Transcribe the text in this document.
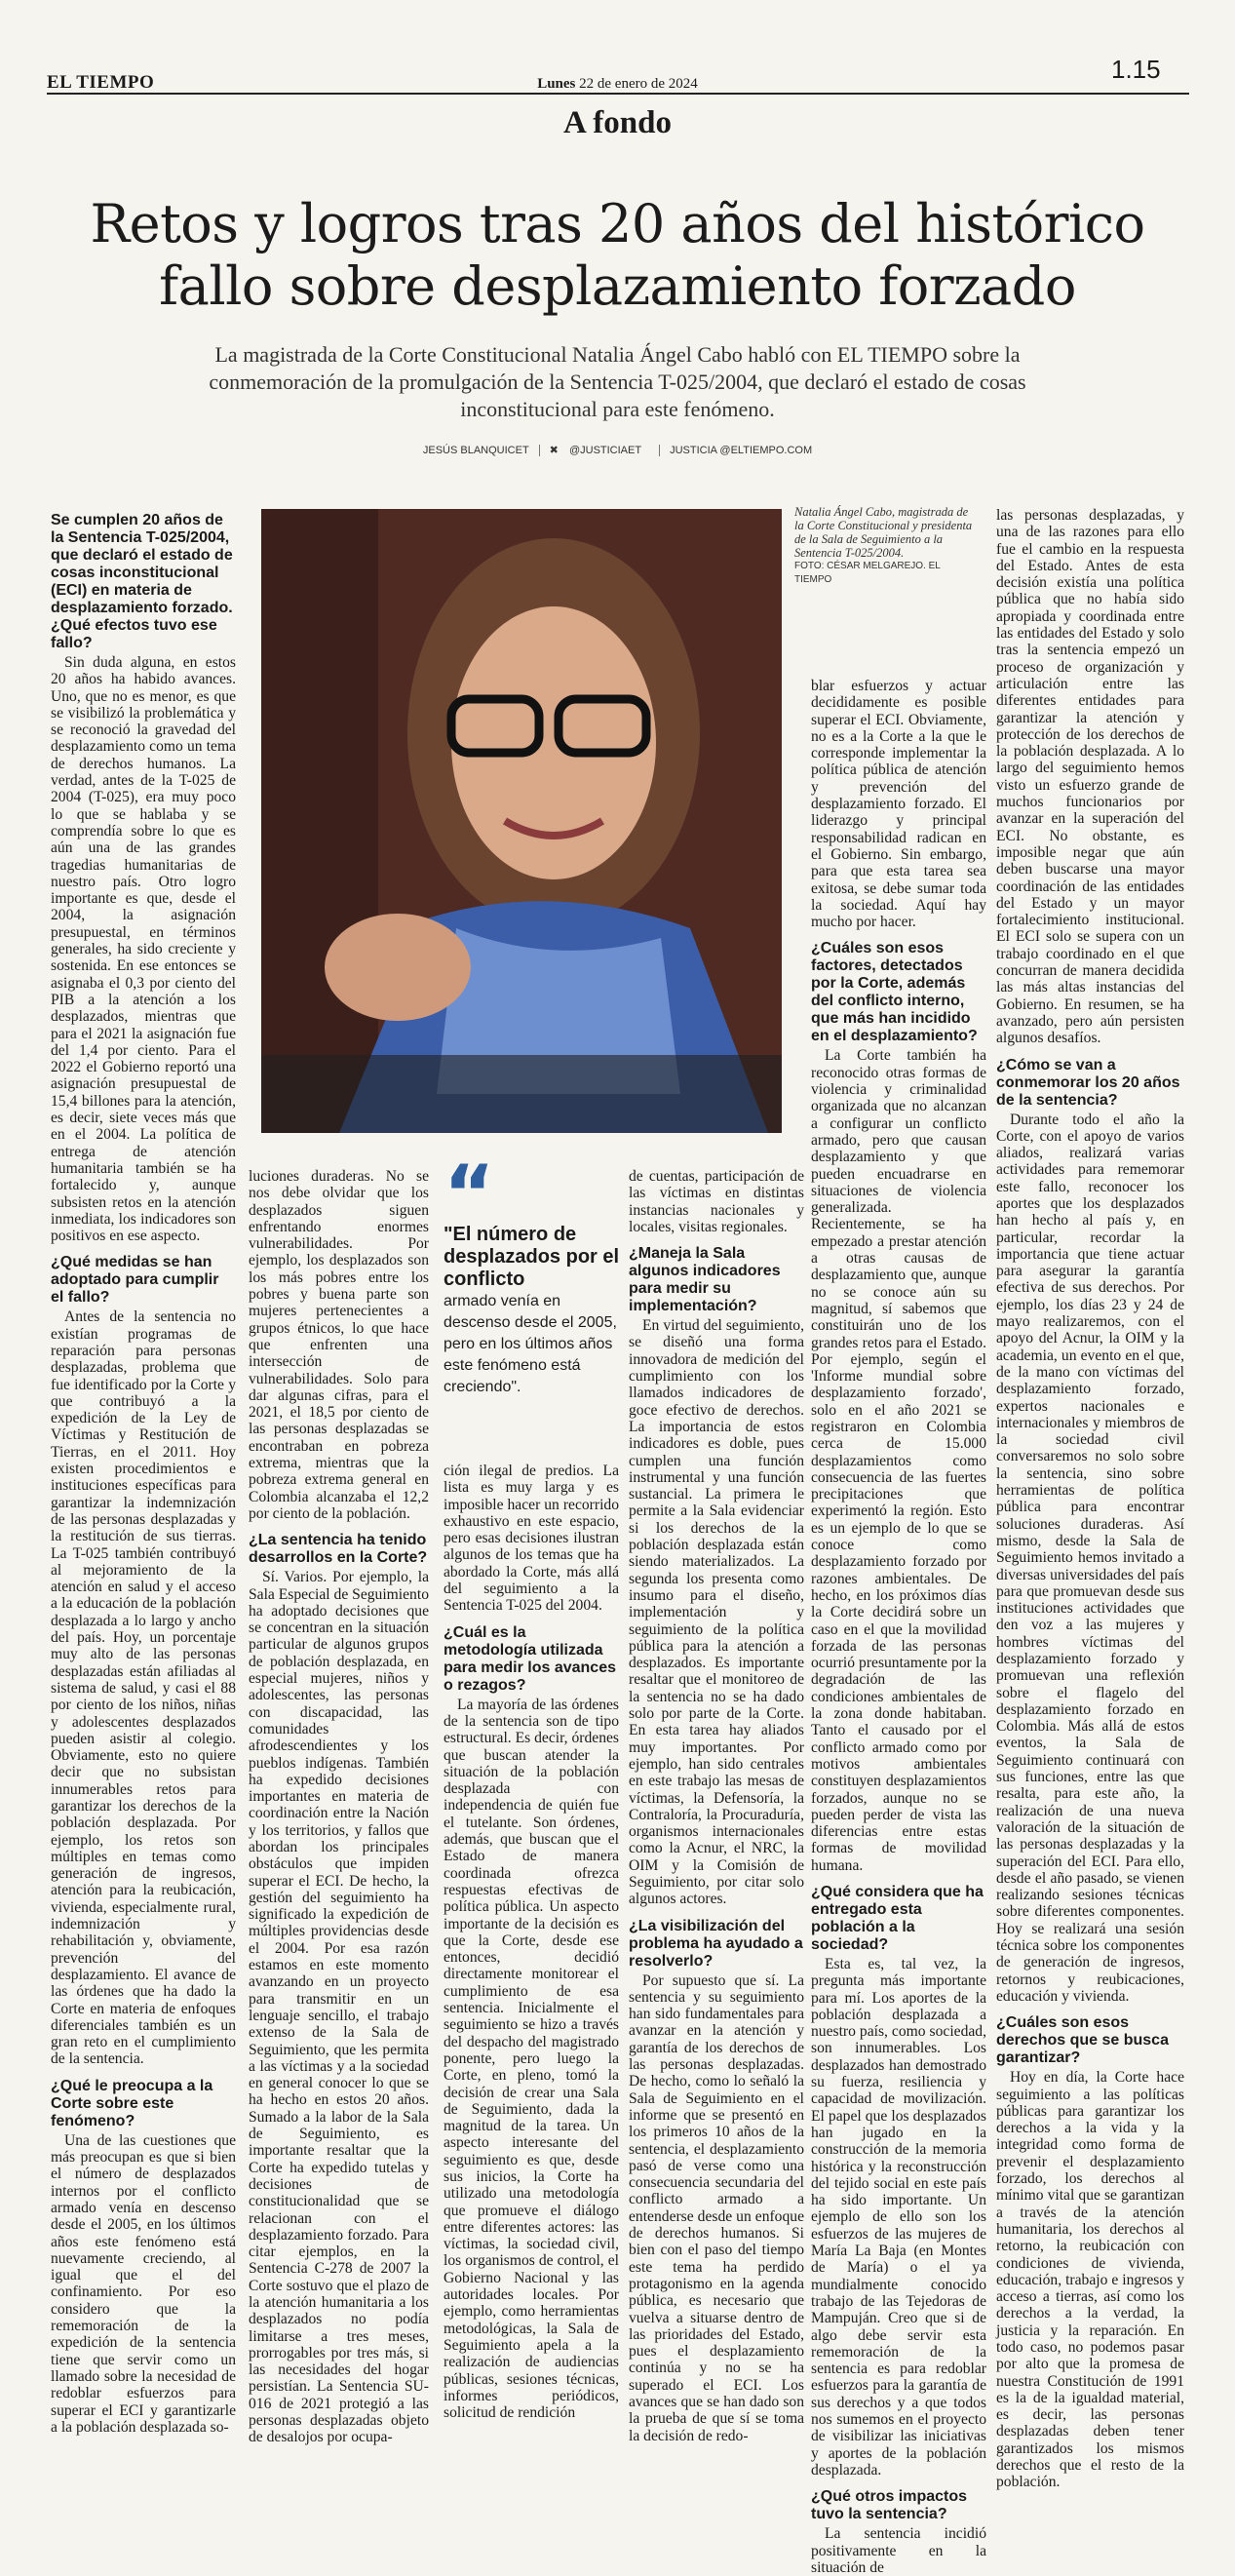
EL TIEMPO	1.15
Lunes 22 de enero de 2024
A fondo
Retos y logros tras 20 años del histórico
fallo sobre desplazamiento forzado
La magistrada de la Corte Constitucional Natalia Ángel Cabo habló con EL TIEMPO sobre la conmemoración de la promulgación de la Sentencia T-025/2004, que declaró el estado de cosas inconstitucional para este fenómeno.
JESÚS BLANQUICET ✖ @JUSTICIAET	JUSTICIA @ELTIEMPO.COM
Se cumplen 20 años de la Sentencia T-025/2004, que declaró el estado de cosas inconstitucional (ECI) en materia de desplazamiento forzado. ¿Qué efectos tuvo ese fallo?

Sin duda alguna, en estos 20 años ha habido avances. Uno, que no es menor, es que se visibilizó la problemática y se reconoció la gravedad del desplazamiento como un tema de derechos humanos. La verdad, antes de la T-025 de 2004 (T-025), era muy poco lo que se hablaba y se comprendía sobre lo que es aún una de las grandes tragedias humanitarias de nuestro país. Otro logro importante es que, desde el 2004, la asignación presupuestal, en términos generales, ha sido creciente y sostenida. En ese entonces se asignaba el 0,3 por ciento del PIB a la atención a los desplazados, mientras que para el 2021 la asignación fue del 1,4 por ciento. Para el 2022 el Gobierno reportó una asignación presupuestal de 15,4 billones para la atención, es decir, siete veces más que en el 2004. La política de entrega de atención humanitaria también se ha fortalecido y, aunque subsisten retos en la atención inmediata, los indicadores son positivos en ese aspecto.

¿Qué medidas se han adoptado para cumplir el fallo?

Antes de la sentencia no existían programas de reparación para personas desplazadas, problema que fue identificado por la Corte y que contribuyó a la expedición de la Ley de Víctimas y Restitución de Tierras, en el 2011. Hoy existen procedimientos e instituciones específicas para garantizar la indemnización de las personas desplazadas y la restitución de sus tierras. La T-025 también contribuyó al mejoramiento de la atención en salud y el acceso a la educación de la población desplazada a lo largo y ancho del país. Hoy, un porcentaje muy alto de las personas desplazadas están afiliadas al sistema de salud, y casi el 88 por ciento de los niños, niñas y adolescentes desplazados pueden asistir al colegio. Obviamente, esto no quiere decir que no subsistan innumerables retos para garantizar los derechos de la población desplazada. Por ejemplo, los retos son múltiples en temas como generación de ingresos, atención para la reubicación, vivienda, especialmente rural, indemnización y rehabilitación y, obviamente, prevención del desplazamiento. El avance de las órdenes que ha dado la Corte en materia de enfoques diferenciales también es un gran reto en el cumplimiento de la sentencia.

¿Qué le preocupa a la Corte sobre este fenómeno?

Una de las cuestiones que más preocupan es que si bien el número de desplazados internos por el conflicto armado venía en descenso desde el 2005, en los últimos años este fenómeno está nuevamente creciendo, al igual que el del confinamiento. Por eso considero que la rememoración de la expedición de la sentencia tiene que servir como un llamado sobre la necesidad de redoblar esfuerzos para superar el ECI y garantizarle a la población desplazada so-

Natalia Ángel Cabo, magistrada de la Corte Constitucional y presidenta de la Sala de Seguimiento a la Sentencia T-025/2004.
FOTO: CÉSAR MELGAREJO. EL TIEMPO

luciones duraderas. No se nos debe olvidar que los desplazados siguen enfrentando enormes vulnerabilidades. Por ejemplo, los desplazados son los más pobres entre los pobres y buena parte son mujeres pertenecientes a grupos étnicos, lo que hace que enfrenten una intersección de vulnerabilidades. Solo para dar algunas cifras, para el 2021, el 18,5 por ciento de las personas desplazadas se encontraban en pobreza extrema, mientras que la pobreza extrema general en Colombia alcanzaba el 12,2 por ciento de la población.

¿La sentencia ha tenido desarrollos en la Corte?

Sí. Varios. Por ejemplo, la Sala Especial de Seguimiento ha adoptado decisiones que se concentran en la situación particular de algunos grupos de población desplazada, en especial mujeres, niños y adolescentes, las personas con discapacidad, las comunidades afrodescendientes y los pueblos indígenas. También ha expedido decisiones importantes en materia de coordinación entre la Nación y los territorios, y fallos que abordan los principales obstáculos que impiden superar el ECI. De hecho, la gestión del seguimiento ha significado la expedición de múltiples providencias desde el 2004. Por esa razón estamos en este momento avanzando en un proyecto para transmitir en un lenguaje sencillo, el trabajo extenso de la Sala de Seguimiento, que les permita a las víctimas y a la sociedad en general conocer lo que se ha hecho en estos 20 años. Sumado a la labor de la Sala de Seguimiento, es importante resaltar que la Corte ha expedido tutelas y decisiones de constitucionalidad que se relacionan con el desplazamiento forzado. Para citar ejemplos, en la Sentencia C-278 de 2007 la Corte sostuvo que el plazo de la atención humanitaria a los desplazados no podía limitarse a tres meses, prorrogables por tres más, si las necesidades del hogar persistían. La Sentencia SU-016 de 2021 protegió a las personas desplazadas objeto de desalojos por ocupa-

“
"El número de desplazados por el conflicto
armado venía en descenso desde el 2005, pero en los últimos años este fenómeno está creciendo".

ción ilegal de predios. La lista es muy larga y es imposible hacer un recorrido exhaustivo en este espacio, pero esas decisiones ilustran algunos de los temas que ha abordado la Corte, más allá del seguimiento a la Sentencia T-025 del 2004.

¿Cuál es la metodología utilizada para medir los avances o rezagos?

La mayoría de las órdenes de la sentencia son de tipo estructural. Es decir, órdenes que buscan atender la situación de la población desplazada con independencia de quién fue el tutelante. Son órdenes, además, que buscan que el Estado de manera coordinada ofrezca respuestas efectivas de política pública. Un aspecto importante de la decisión es que la Corte, desde ese entonces, decidió directamente monitorear el cumplimiento de esa sentencia. Inicialmente el seguimiento se hizo a través del despacho del magistrado ponente, pero luego la Corte, en pleno, tomó la decisión de crear una Sala de Seguimiento, dada la magnitud de la tarea. Un aspecto interesante del seguimiento es que, desde sus inicios, la Corte ha utilizado una metodología que promueve el diálogo entre diferentes actores: las víctimas, la sociedad civil, los organismos de control, el Gobierno Nacional y las autoridades locales. Por ejemplo, como herramientas metodológicas, la Sala de Seguimiento apela a la realización de audiencias públicas, sesiones técnicas, informes periódicos, solicitud de rendición

de cuentas, participación de las víctimas en distintas instancias nacionales y locales, visitas regionales.

¿Maneja la Sala algunos indicadores para medir su implementación?

En virtud del seguimiento, se diseñó una forma innovadora de medición del cumplimiento con los llamados indicadores de goce efectivo de derechos. La importancia de estos indicadores es doble, pues cumplen una función instrumental y una función sustancial. La primera le permite a la Sala evidenciar si los derechos de la población desplazada están siendo materializados. La segunda los presenta como insumo para el diseño, implementación y seguimiento de la política pública para la atención a desplazados. Es importante resaltar que el monitoreo de la sentencia no se ha dado solo por parte de la Corte. En esta tarea hay aliados muy importantes. Por ejemplo, han sido centrales en este trabajo las mesas de víctimas, la Defensoría, la Contraloría, la Procuraduría, organismos internacionales como la Acnur, el NRC, la OIM y la Comisión de Seguimiento, por citar solo algunos actores.

¿La visibilización del problema ha ayudado a resolverlo?

Por supuesto que sí. La sentencia y su seguimiento han sido fundamentales para avanzar en la atención y garantía de los derechos de las personas desplazadas. De hecho, como lo señaló la Sala de Seguimiento en el informe que se presentó en los primeros 10 años de la sentencia, el desplazamiento pasó de verse como una consecuencia secundaria del conflicto armado a entenderse desde un enfoque de derechos humanos. Si bien con el paso del tiempo este tema ha perdido protagonismo en la agenda pública, es necesario que vuelva a situarse dentro de las prioridades del Estado, pues el desplazamiento continúa y no se ha superado el ECI. Los avances que se han dado son la prueba de que sí se toma la decisión de redo-

blar esfuerzos y actuar decididamente es posible superar el ECI. Obviamente, no es a la Corte a la que le corresponde implementar la política pública de atención y prevención del desplazamiento forzado. El liderazgo y principal responsabilidad radican en el Gobierno. Sin embargo, para que esta tarea sea exitosa, se debe sumar toda la sociedad. Aquí hay mucho por hacer.

¿Cuáles son esos factores, detectados por la Corte, además del conflicto interno, que más han incidido en el desplazamiento?

La Corte también ha reconocido otras formas de violencia y criminalidad organizada que no alcanzan a configurar un conflicto armado, pero que causan desplazamiento y que pueden encuadrarse en situaciones de violencia generalizada. Recientemente, se ha empezado a prestar atención a otras causas de desplazamiento que, aunque no se conoce aún su magnitud, sí sabemos que constituirán uno de los grandes retos para el Estado. Por ejemplo, según el 'Informe mundial sobre desplazamiento forzado', solo en el año 2021 se registraron en Colombia cerca de 15.000 desplazamientos como consecuencia de las fuertes precipitaciones que experimentó la región. Esto es un ejemplo de lo que se conoce como desplazamiento forzado por razones ambientales. De hecho, en los próximos días la Corte decidirá sobre un caso en el que la movilidad forzada de las personas ocurrió presuntamente por la degradación de las condiciones ambientales de la zona donde habitaban. Tanto el causado por el conflicto armado como por motivos ambientales constituyen desplazamientos forzados, aunque no se pueden perder de vista las diferencias entre estas formas de movilidad humana.

¿Qué considera que ha entregado esta población a la sociedad?

Esta es, tal vez, la pregunta más importante para mí. Los aportes de la población desplazada a nuestro país, como sociedad, son innumerables. Los desplazados han demostrado su fuerza, resiliencia y capacidad de movilización. El papel que los desplazados han jugado en la construcción de la memoria histórica y la reconstrucción del tejido social en este país ha sido importante. Un ejemplo de ello son los esfuerzos de las mujeres de María La Baja (en Montes de María) o el ya mundialmente conocido trabajo de las Tejedoras de Mampuján. Creo que si de algo debe servir esta rememoración de la sentencia es para redoblar esfuerzos para la garantía de sus derechos y a que todos nos sumemos en el proyecto de visibilizar las iniciativas y aportes de la población desplazada.

¿Qué otros impactos tuvo la sentencia?

La sentencia incidió positivamente en la situación de

las personas desplazadas, y una de las razones para ello fue el cambio en la respuesta del Estado. Antes de esta decisión existía una política pública que no había sido apropiada y coordinada entre las entidades del Estado y solo tras la sentencia empezó un proceso de organización y articulación entre las diferentes entidades para garantizar la atención y protección de los derechos de la población desplazada. A lo largo del seguimiento hemos visto un esfuerzo grande de muchos funcionarios por avanzar en la superación del ECI. No obstante, es imposible negar que aún deben buscarse una mayor coordinación de las entidades del Estado y un mayor fortalecimiento institucional. El ECI solo se supera con un trabajo coordinado en el que concurran de manera decidida las más altas instancias del Gobierno. En resumen, se ha avanzado, pero aún persisten algunos desafíos.

¿Cómo se van a conmemorar los 20 años de la sentencia?

Durante todo el año la Corte, con el apoyo de varios aliados, realizará varias actividades para rememorar este fallo, reconocer los aportes que los desplazados han hecho al país y, en particular, recordar la importancia que tiene actuar para asegurar la garantía efectiva de sus derechos. Por ejemplo, los días 23 y 24 de mayo realizaremos, con el apoyo del Acnur, la OIM y la academia, un evento en el que, de la mano con víctimas del desplazamiento forzado, expertos nacionales e internacionales y miembros de la sociedad civil conversaremos no solo sobre la sentencia, sino sobre herramientas de política pública para encontrar soluciones duraderas. Así mismo, desde la Sala de Seguimiento hemos invitado a diversas universidades del país para que promuevan desde sus instituciones actividades que den voz a las mujeres y hombres víctimas del desplazamiento forzado y promuevan una reflexión sobre el flagelo del desplazamiento forzado en Colombia. Más allá de estos eventos, la Sala de Seguimiento continuará con sus funciones, entre las que resalta, para este año, la realización de una nueva valoración de la situación de las personas desplazadas y la superación del ECI. Para ello, desde el año pasado, se vienen realizando sesiones técnicas sobre diferentes componentes. Hoy se realizará una sesión técnica sobre los componentes de generación de ingresos, retornos y reubicaciones, educación y vivienda.

¿Cuáles son esos derechos que se busca garantizar?

Hoy en día, la Corte hace seguimiento a las políticas públicas para garantizar los derechos a la vida y la integridad como forma de prevenir el desplazamiento forzado, los derechos al mínimo vital que se garantizan a través de la atención humanitaria, los derechos al retorno, la reubicación con condiciones de vivienda, educación, trabajo e ingresos y acceso a tierras, así como los derechos a la verdad, la justicia y la reparación. En todo caso, no podemos pasar por alto que la promesa de nuestra Constitución de 1991 es la de la igualdad material, es decir, las personas desplazadas deben tener garantizados los mismos derechos que el resto de la población.
